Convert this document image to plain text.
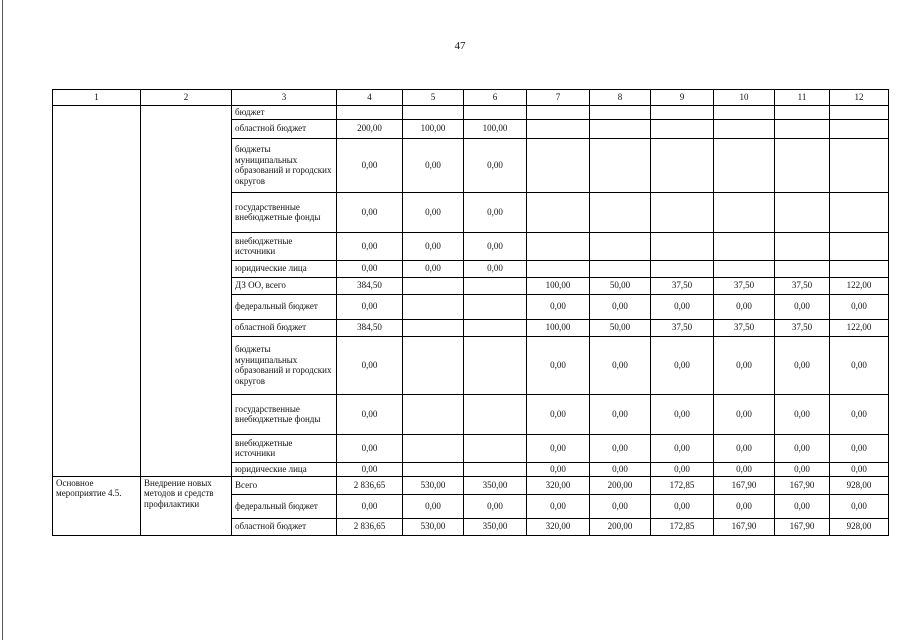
47
1	2	3	4	5	6	7	8	9	10	11	12	
		бюджет										
		областной бюджет	200,00	100,00	100,00							
		бюджеты муниципальных образований и городских округов	0,00	0,00	0,00							
		государственные внебюджетные фонды	0,00	0,00	0,00							
		внебюджетные источники	0,00	0,00	0,00							
		юридические лица	0,00	0,00	0,00							
		ДЗ ОО, всего	384,50			100,00	50,00	37,50	37,50	37,50	122,00	
		федеральный бюджет	0,00			0,00	0,00	0,00	0,00	0,00	0,00	
		областной бюджет	384,50			100,00	50,00	37,50	37,50	37,50	122,00	
		бюджеты муниципальных образований и городских округов	0,00			0,00	0,00	0,00	0,00	0,00	0,00	
		государственные внебюджетные фонды	0,00			0,00	0,00	0,00	0,00	0,00	0,00	
		внебюджетные источники	0,00			0,00	0,00	0,00	0,00	0,00	0,00	
		юридические лица	0,00			0,00	0,00	0,00	0,00	0,00	0,00	
Основное мероприятие 4.5.	Внедрение новых методов и средств профилактики	Всего	2 836,65	530,00	350,00	320,00	200,00	172,85	167,90	167,90	928,00	
		федеральный бюджет	0,00	0,00	0,00	0,00	0,00	0,00	0,00	0,00	0,00	
		областной бюджет	2 836,65	530,00	350,00	320,00	200,00	172,85	167,90	167,90	928,00	
